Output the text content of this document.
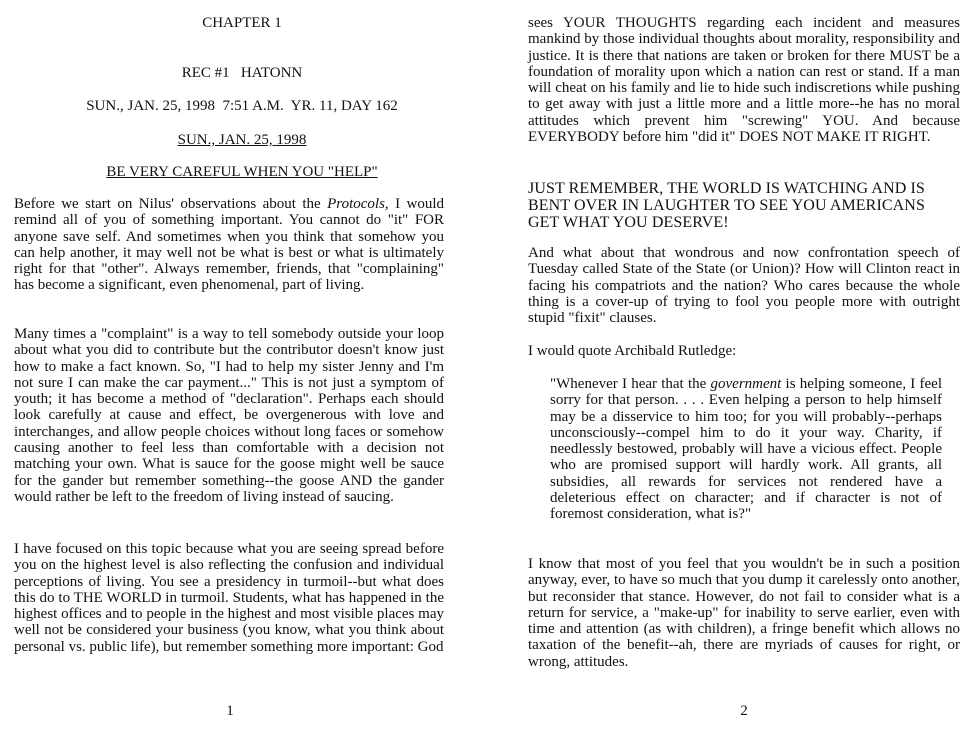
CHAPTER 1
REC #1   HATONN
SUN., JAN. 25, 1998  7:51 A.M.  YR. 11, DAY 162
SUN., JAN. 25, 1998
BE VERY CAREFUL WHEN YOU "HELP"

Before we start on Nilus' observations about the Protocols, I would remind all of you of something important. You cannot do "it" FOR anyone save self. And sometimes when you think that somehow you can help another, it may well not be what is best or what is ultimately right for that "other". Always remember, friends, that "complaining" has become a significant, even phenomenal, part of living.

Many times a "complaint" is a way to tell somebody outside your loop about what you did to contribute but the contributor doesn't know just how to make a fact known. So, "I had to help my sister Jenny and I'm not sure I can make the car payment..." This is not just a symptom of youth; it has become a method of "declaration". Perhaps each should look carefully at cause and effect, be overgenerous with love and interchanges, and allow people choices without long faces or somehow causing another to feel less than comfortable with a decision not matching your own. What is sauce for the goose might well be sauce for the gander but remember something--the goose AND the gander would rather be left to the freedom of living instead of saucing.

I have focused on this topic because what you are seeing spread before you on the highest level is also reflecting the confusion and individual perceptions of living. You see a presidency in turmoil--but what does this do to THE WORLD in turmoil. Students, what has happened in the highest offices and to people in the highest and most visible places may well not be considered your business (you know, what you think about personal vs. public life), but remember something more important: God

1

sees YOUR THOUGHTS regarding each incident and measures mankind by those individual thoughts about morality, responsibility and justice. It is there that nations are taken or broken for there MUST be a foundation of morality upon which a nation can rest or stand. If a man will cheat on his family and lie to hide such indiscretions while pushing to get away with just a little more and a little more--he has no moral attitudes which prevent him "screwing" YOU. And because EVERYBODY before him "did it" DOES NOT MAKE IT RIGHT.

JUST REMEMBER, THE WORLD IS WATCHING AND IS BENT OVER IN LAUGHTER TO SEE YOU AMERICANS GET WHAT YOU DESERVE!

And what about that wondrous and now confrontation speech of Tuesday called State of the State (or Union)? How will Clinton react in facing his compatriots and the nation? Who cares because the whole thing is a cover-up of trying to fool you people more with outright stupid "fixit" clauses.

I would quote Archibald Rutledge:

"Whenever I hear that the government is helping someone, I feel sorry for that person. . . . Even helping a person to help himself may be a disservice to him too; for you will probably--perhaps unconsciously--compel him to do it your way. Charity, if needlessly bestowed, probably will have a vicious effect. People who are promised support will hardly work. All grants, all subsidies, all rewards for services not rendered have a deleterious effect on character; and if character is not of foremost consideration, what is?"

I know that most of you feel that you wouldn't be in such a position anyway, ever, to have so much that you dump it carelessly onto another, but reconsider that stance. However, do not fail to consider what is a return for service, a "make-up" for inability to serve earlier, even with time and attention (as with children), a fringe benefit which allows no taxation of the benefit--ah, there are myriads of causes for right, or wrong, attitudes.

2
